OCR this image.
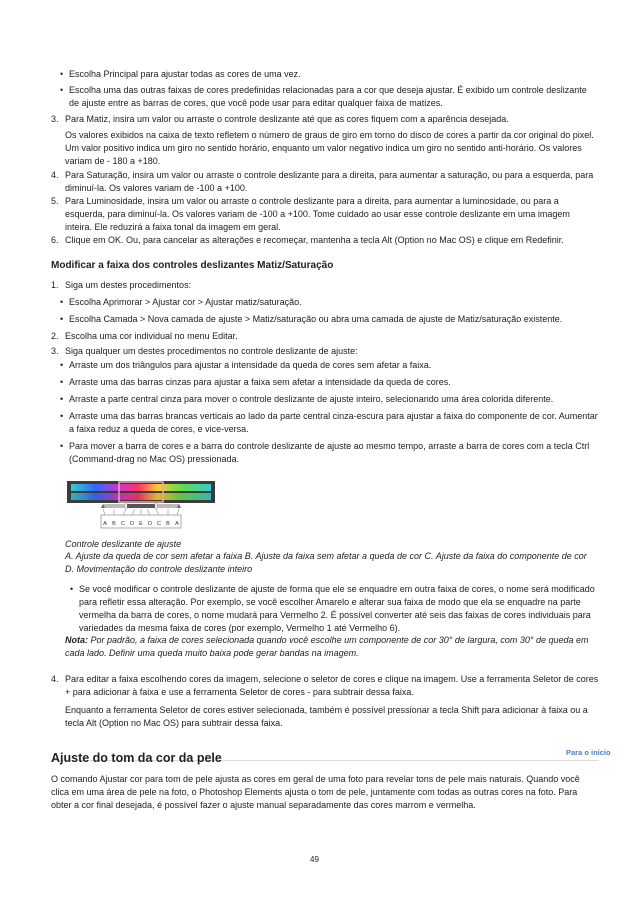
• Escolha Principal para ajustar todas as cores de uma vez.
• Escolha uma das outras faixas de cores predefinidas relacionadas para a cor que deseja ajustar. É exibido um controle deslizante de ajuste entre as barras de cores, que você pode usar para editar qualquer faixa de matizes.
3. Para Matiz, insira um valor ou arraste o controle deslizante até que as cores fiquem com a aparência desejada.
Os valores exibidos na caixa de texto refletem o número de graus de giro em torno do disco de cores a partir da cor original do pixel. Um valor positivo indica um giro no sentido horário, enquanto um valor negativo indica um giro no sentido anti-horário. Os valores variam de - 180 a +180.
4. Para Saturação, insira um valor ou arraste o controle deslizante para a direita, para aumentar a saturação, ou para a esquerda, para diminuí-la. Os valores variam de -100 a +100.
5. Para Luminosidade, insira um valor ou arraste o controle deslizante para a direita, para aumentar a luminosidade, ou para a esquerda, para diminuí-la. Os valores variam de -100 a +100. Tome cuidado ao usar esse controle deslizante em uma imagem inteira. Ele reduzirá a faixa tonal da imagem em geral.
6. Clique em OK. Ou, para cancelar as alterações e recomeçar, mantenha a tecla Alt (Option no Mac OS) e clique em Redefinir.
Modificar a faixa dos controles deslizantes Matiz/Saturação
1. Siga um destes procedimentos:
• Escolha Aprimorar > Ajustar cor > Ajustar matiz/saturação.
• Escolha Camada > Nova camada de ajuste > Matiz/saturação ou abra uma camada de ajuste de Matiz/saturação existente.
2. Escolha uma cor individual no menu Editar.
3. Siga qualquer um destes procedimentos no controle deslizante de ajuste:
• Arraste um dos triângulos para ajustar a intensidade da queda de cores sem afetar a faixa.
• Arraste uma das barras cinzas para ajustar a faixa sem afetar a intensidade da queda de cores.
• Arraste a parte central cinza para mover o controle deslizante de ajuste inteiro, selecionando uma área colorida diferente.
• Arraste uma das barras brancas verticais ao lado da parte central cinza-escura para ajustar a faixa do componente de cor. Aumentar a faixa reduz a queda de cores, e vice-versa.
• Para mover a barra de cores e a barra do controle deslizante de ajuste ao mesmo tempo, arraste a barra de cores com a tecla Ctrl (Command-drag no Mac OS) pressionada.
A B C D E D C B A
Controle deslizante de ajuste
A. Ajuste da queda de cor sem afetar a faixa B. Ajuste da faixa sem afetar a queda de cor C. Ajuste da faixa do componente de cor D. Movimentação do controle deslizante inteiro
• Se você modificar o controle deslizante de ajuste de forma que ele se enquadre em outra faixa de cores, o nome será modificado para refletir essa alteração. Por exemplo, se você escolher Amarelo e alterar sua faixa de modo que ela se enquadre na parte vermelha da barra de cores, o nome mudará para Vermelho 2. É possível converter até seis das faixas de cores individuais para variedades da mesma faixa de cores (por exemplo, Vermelho 1 até Vermelho 6).
Nota: Por padrão, a faixa de cores selecionada quando você escolhe um componente de cor 30° de largura, com 30° de queda em cada lado. Definir uma queda muito baixa pode gerar bandas na imagem.
4. Para editar a faixa escolhendo cores da imagem, selecione o seletor de cores e clique na imagem. Use a ferramenta Seletor de cores + para adicionar à faixa e use a ferramenta Seletor de cores - para subtrair dessa faixa.
Enquanto a ferramenta Seletor de cores estiver selecionada, também é possível pressionar a tecla Shift para adicionar à faixa ou a tecla Alt (Option no Mac OS) para subtrair dessa faixa.
Para o início
Ajuste do tom da cor da pele
O comando Ajustar cor para tom de pele ajusta as cores em geral de uma foto para revelar tons de pele mais naturais. Quando você clica em uma área de pele na foto, o Photoshop Elements ajusta o tom de pele, juntamente com todas as outras cores na foto. Para obter a cor final desejada, é possível fazer o ajuste manual separadamente das cores marrom e vermelha.
49
